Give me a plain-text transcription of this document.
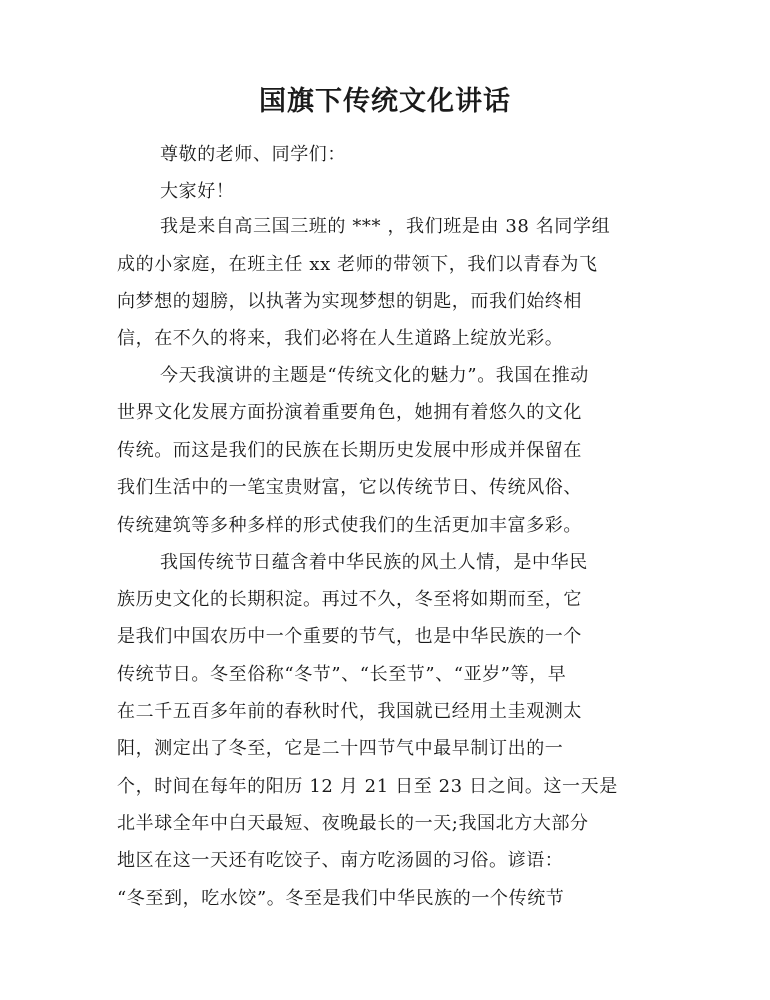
国旗下传统文化讲话
尊敬的老师、同学们：
大家好！
我是来自高三国三班的 *** ，我们班是由 38 名同学组
成的小家庭，在班主任 xx 老师的带领下，我们以青春为飞
向梦想的翅膀，以执著为实现梦想的钥匙，而我们始终相
信，在不久的将来，我们必将在人生道路上绽放光彩。
今天我演讲的主题是“传统文化的魅力”。我国在推动
世界文化发展方面扮演着重要角色，她拥有着悠久的文化
传统。而这是我们的民族在长期历史发展中形成并保留在
我们生活中的一笔宝贵财富，它以传统节日、传统风俗、
传统建筑等多种多样的形式使我们的生活更加丰富多彩。
我国传统节日蕴含着中华民族的风土人情，是中华民
族历史文化的长期积淀。再过不久，冬至将如期而至，它
是我们中国农历中一个重要的节气，也是中华民族的一个
传统节日。冬至俗称“冬节”、“长至节”、“亚岁”等，早
在二千五百多年前的春秋时代，我国就已经用土圭观测太
阳，测定出了冬至，它是二十四节气中最早制订出的一
个，时间在每年的阳历 12 月 21 日至 23 日之间。这一天是
北半球全年中白天最短、夜晚最长的一天;我国北方大部分
地区在这一天还有吃饺子、南方吃汤圆的习俗。谚语：
“冬至到，吃水饺”。冬至是我们中华民族的一个传统节
